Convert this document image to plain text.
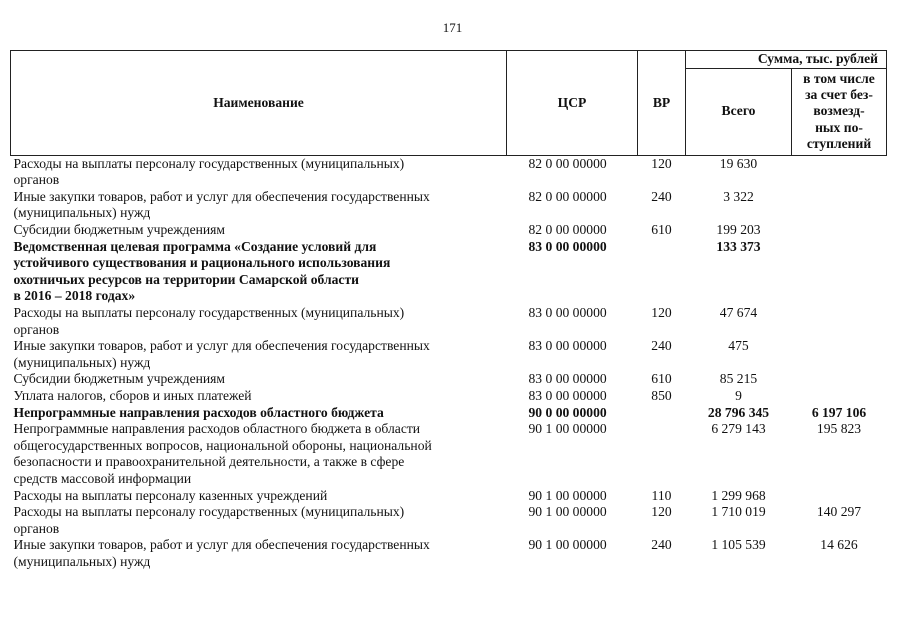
171
Наименование	ЦСР	ВР	Сумма, тыс. рублей	
			Всего	в том числе
за счет без-
возмезд-
ных по-
ступлений

Расходы на выплаты персоналу государственных (муниципальных)
органов	82 0 00 00000	120	19 630	

Иные закупки товаров, работ и услуг для обеспечения государственных
(муниципальных) нужд	82 0 00 00000	240	3 322	

Субсидии бюджетным учреждениям	82 0 00 00000	610	199 203	

Ведомственная целевая программа «Создание условий для
устойчивого существования и рационального использования
охотничьих ресурсов на территории Самарской области
в 2016 – 2018 годах»	83 0 00 00000		133 373	

Расходы на выплаты персоналу государственных (муниципальных)
органов	83 0 00 00000	120	47 674	

Иные закупки товаров, работ и услуг для обеспечения государственных
(муниципальных) нужд	83 0 00 00000	240	475	

Субсидии бюджетным учреждениям	83 0 00 00000	610	85 215	

Уплата налогов, сборов и иных платежей	83 0 00 00000	850	9	

Непрограммные направления расходов областного бюджета	90 0 00 00000		28 796 345	6 197 106

Непрограммные направления расходов областного бюджета в области
общегосударственных вопросов, национальной обороны, национальной
безопасности и правоохранительной деятельности, а также в сфере
средств массовой информации	90 1 00 00000		6 279 143	195 823

Расходы на выплаты персоналу казенных учреждений	90 1 00 00000	110	1 299 968	

Расходы на выплаты персоналу государственных (муниципальных)
органов	90 1 00 00000	120	1 710 019	140 297

Иные закупки товаров, работ и услуг для обеспечения государственных
(муниципальных) нужд	90 1 00 00000	240	1 105 539	14 626
